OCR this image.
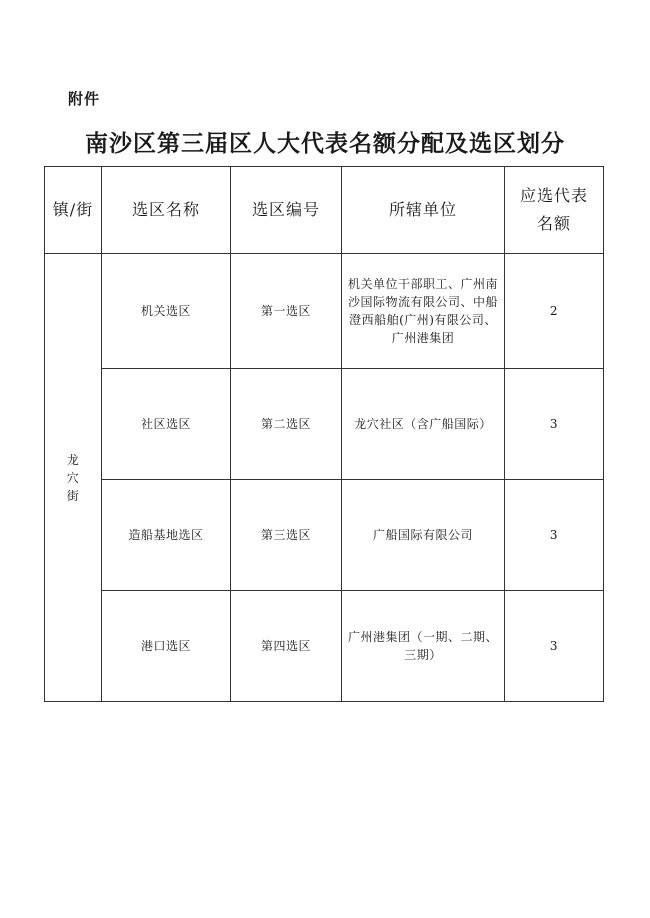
附件
南沙区第三届区人大代表名额分配及选区划分
镇/街	选区名称	选区编号	所辖单位	应选代表
名额

龙
穴
街	机关选区	第一选区	机关单位干部职工、广州南
沙国际物流有限公司、中船
澄西船舶(广州)有限公司、
广州港集团	2
	社区选区	第二选区	龙穴社区（含广船国际）	3
	造船基地选区	第三选区	广船国际有限公司	3
	港口选区	第四选区	广州港集团（一期、二期、
三期）	3
